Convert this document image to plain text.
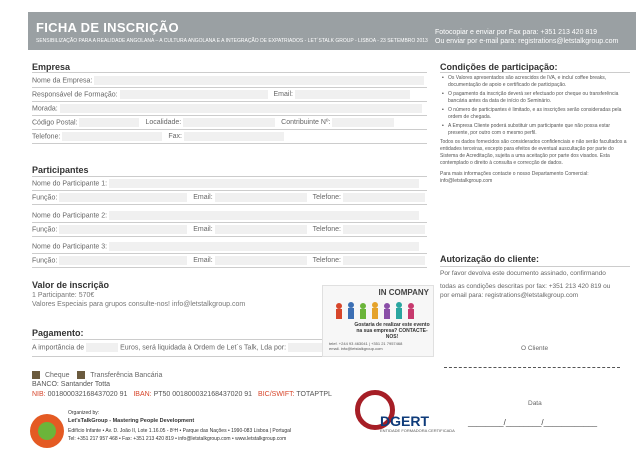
FICHA DE INSCRIÇÃO
SENSIBILIZAÇÃO PARA A REALIDADE ANGOLANA – A CULTURA ANGOLANA E A INTEGRAÇÃO DE EXPATRIADOS - LET´STALK GROUP - LISBOA - 23 SETEMBRO 2013
Fotocopiar e enviar por Fax para: +351 213 420 819
Ou enviar por e-mail para: registrations@letstalkgroup.com
Empresa
Nome da Empresa:
Responsável de Formação:	Email:
Morada:
Código Postal:	Localidade:	Contribuinte Nº:
Telefone:	Fax:
Participantes
Nome do Participante 1:
Função:	Email:	Telefone:
Nome do Participante 2:
Função:	Email:	Telefone:
Nome do Participante 3:
Função:	Email:	Telefone:
Valor de inscrição
1 Participante: 570€
Valores Especiais para grupos consulte-nos! info@letstalkgroup.com
Pagamento:
A importância de	Euros, será liquidada à Ordem de Let´s Talk, Lda por:
Cheque	Transferência Bancária
BANCO: Santander Totta
NIB: 001800032168437020 91 IBAN: PT50 001800032168437020 91 BIC/SWIFT: TOTAPTPL
IN COMPANY
Gostaria de realizar este evento
na sua empresa? CONTACTE-NOS!
telef. +244 93 463041 | +351 21 7957468
email. info@letstalkgroup.com
Condições de participação:
• Os Valores apresentados são acrescidos de IVA, e incluí coffee breaks, documentação de apoio e certificado de participação.
• O pagamento da inscrição deverá ser efectuado por cheque ou transferência bancária antes da data de início do Seminário.
• O número de participantes é limitado, e as inscrições serão consideradas pela ordem de chegada.
• A Empresa Cliente poderá substituir um participante que não possa estar presente, por outro com o mesmo perfil.

Todos os dados fornecidos são considerados confidenciais e não serão facultados a entidades terceiras, excepto para efeitos de eventual auscultação por parte do Sistema de Acreditação, sujeita a uma aceitação por parte dos visados. Esta contemplado o direito à consulta e correcção de dados.

Para mais informações contacte o nosso Departamento Comercial: info@letstalkgroup.com

Autorização do cliente:
Por favor devolva este documento assinado, confirmando
todas as condições descritas por fax: +351 213 420 819 ou
por email para: registrations@letstalkgroup.com
O Cliente
Data
________/________/____________
Organized by:
Let'sTalkGroup - Mastering People Development
Edifício Infante • Av. D. João II, Lote 1.16.05 - 8ºH • Parque das Nações • 1990-083 Lisboa | Portugal
Tel: +351 217 957 468 • Fax: +351 213 420 819 • info@letstalkgroup.com • www.letstalkgroup.com
DGERT
ENTIDADE FORMADORA CERTIFICADA
